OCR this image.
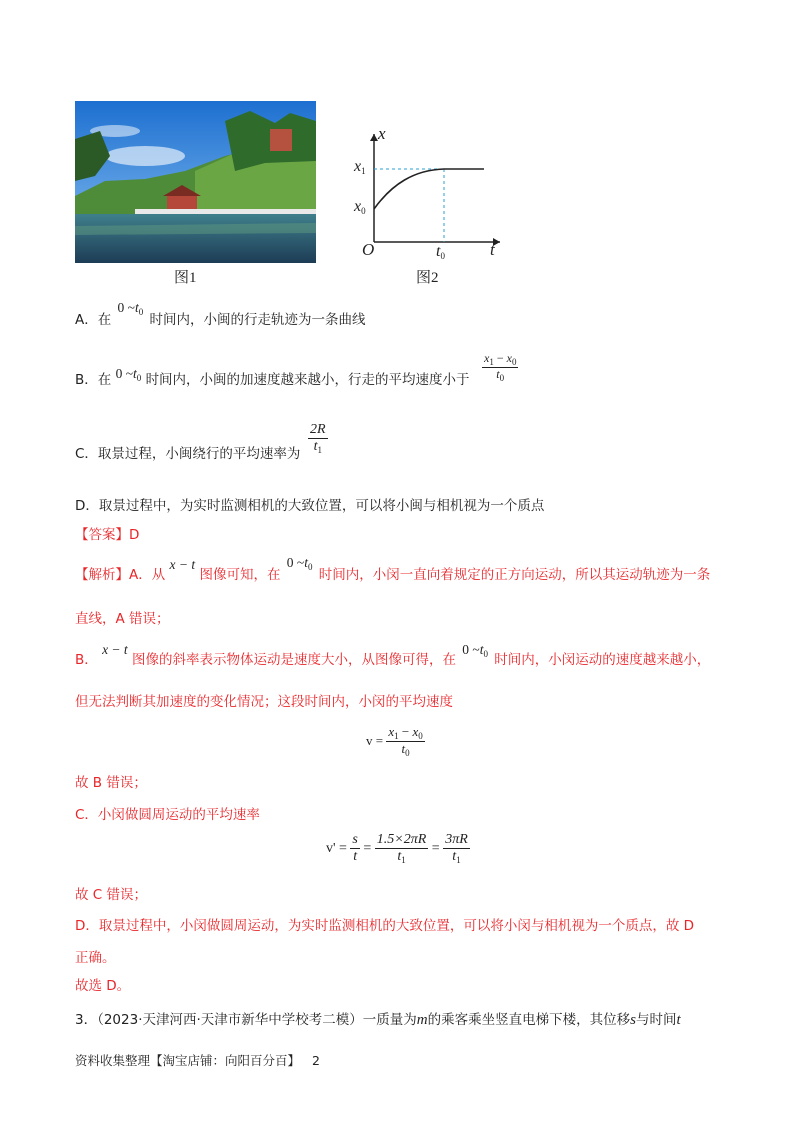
图1
x
t
O
$x_1$
$x_0$
$t_0$
图2
A．在 0 $\sim t_0$ 时间内，小闽的行走轨迹为一条曲线
B．在 0 $\sim t_0$ 时间内，小闽的加速度越来越小，行走的平均速度小于 $\frac{x_1 - x_0}{t_0}$
C．取景过程，小闽绕行的平均速率为 $\frac{2R}{t_1}$
D．取景过程中，为实时监测相机的大致位置，可以将小闽与相机视为一个质点
【答案】D
【解析】A．从 x − t 图像可知，在 0 $\sim t_0$ 时间内，小闵一直向着规定的正方向运动，所以其运动轨迹为一条
直线，A 错误；
B． x − t 图像的斜率表示物体运动是速度大小，从图像可得，在 0 $\sim t_0$ 时间内，小闵运动的速度越来越小，
但无法判断其加速度的变化情况；这段时间内，小闵的平均速度
$v = \frac{x_1 - x_0}{t_0}$
故 B 错误；
C．小闵做圆周运动的平均速率
$v' = \frac{s}{t} = \frac{1.5\times 2\pi R}{t_1} = \frac{3\pi R}{t_1}$
故 C 错误；
D．取景过程中，小闵做圆周运动，为实时监测相机的大致位置，可以将小闵与相机视为一个质点，故 D
正确。
故选 D。
3．（2023·天津河西·天津市新华中学校考二模）一质量为m的乘客乘坐竖直电梯下楼，其位移s与时间t
资料收集整理【淘宝店铺：向阳百分百】 2
